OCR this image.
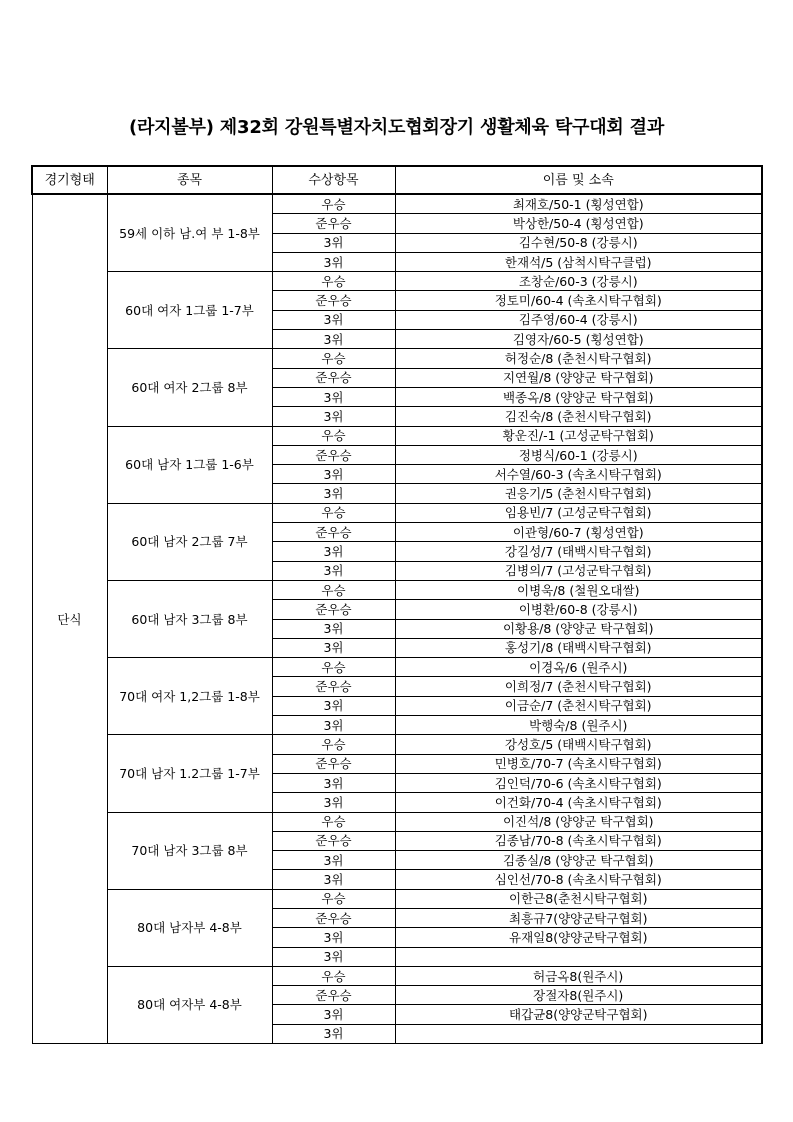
(라지볼부) 제32회 강원특별자치도협회장기 생활체육 탁구대회 결과
경기형태	종목	수상항목	이름 및 소속
단식	59세 이하 남.여 부 1-8부	우승	최재호/50-1 (횡성연합)
		준우승	박상한/50-4 (횡성연합)
		3위	김수현/50-8 (강릉시)
		3위	한재석/5 (삼척시탁구클럽)
	60대 여자 1그룹 1-7부	우승	조창순/60-3 (강릉시)
		준우승	정토미/60-4 (속초시탁구협회)
		3위	김주영/60-4 (강릉시)
		3위	김영자/60-5 (횡성연합)
	60대 여자 2그룹 8부	우승	허정순/8 (춘천시탁구협회)
		준우승	지연월/8 (양양군 탁구협회)
		3위	백종옥/8 (양양군 탁구협회)
		3위	김진숙/8 (춘천시탁구협회)
	60대 남자 1그룹 1-6부	우승	황운진/-1 (고성군탁구협회)
		준우승	정병식/60-1 (강릉시)
		3위	서수열/60-3 (속초시탁구협회)
		3위	권응기/5 (춘천시탁구협회)
	60대 남자 2그룹 7부	우승	임용빈/7 (고성군탁구협회)
		준우승	이관형/60-7 (횡성연합)
		3위	강길성/7 (태백시탁구협회)
		3위	김병의/7 (고성군탁구협회)
	60대 남자 3그룹 8부	우승	이병욱/8 (철원오대쌀)
		준우승	이병환/60-8 (강릉시)
		3위	이황용/8 (양양군 탁구협회)
		3위	홍성기/8 (태백시탁구협회)
	70대 여자 1,2그룹 1-8부	우승	이경옥/6 (원주시)
		준우승	이희정/7 (춘천시탁구협회)
		3위	이금순/7 (춘천시탁구협회)
		3위	박행숙/8 (원주시)
	70대 남자 1.2그룹 1-7부	우승	강성호/5 (태백시탁구협회)
		준우승	민병호/70-7 (속초시탁구협회)
		3위	김인덕/70-6 (속초시탁구협회)
		3위	이건화/70-4 (속초시탁구협회)
	70대 남자 3그룹 8부	우승	이진석/8 (양양군 탁구협회)
		준우승	김종남/70-8 (속초시탁구협회)
		3위	김종실/8 (양양군 탁구협회)
		3위	심인선/70-8 (속초시탁구협회)
	80대 남자부 4-8부	우승	이한근8(춘천시탁구협회)
		준우승	최흥규7(양양군탁구협회)
		3위	유재일8(양양군탁구협회)
		3위	
	80대 여자부 4-8부	우승	허금옥8(원주시)
		준우승	장절자8(원주시)
		3위	태갑균8(양양군탁구협회)
		3위	
